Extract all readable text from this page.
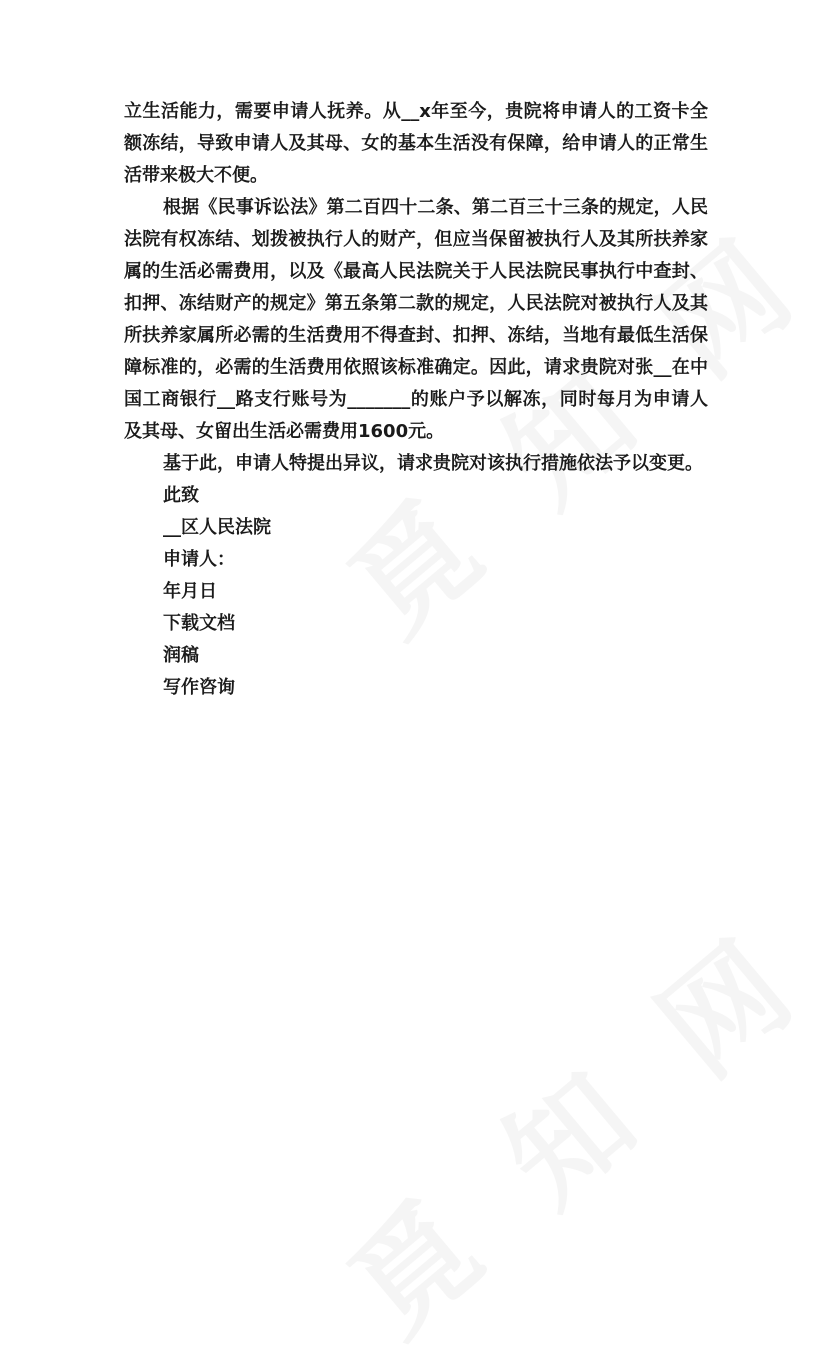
立生活能力，需要申请人抚养。从__x年至今，贵院将申请人的工资卡全额冻结，导致申请人及其母、女的基本生活没有保障，给申请人的正常生活带来极大不便。

根据《民事诉讼法》第二百四十二条、第二百三十三条的规定，人民法院有权冻结、划拨被执行人的财产，但应当保留被执行人及其所扶养家属的生活必需费用，以及《最高人民法院关于人民法院民事执行中查封、扣押、冻结财产的规定》第五条第二款的规定，人民法院对被执行人及其所扶养家属所必需的生活费用不得查封、扣押、冻结，当地有最低生活保障标准的，必需的生活费用依照该标准确定。因此，请求贵院对张__在中国工商银行__路支行账号为_______的账户予以解冻，同时每月为申请人及其母、女留出生活必需费用1600元。

基于此，申请人特提出异议，请求贵院对该执行措施依法予以变更。

此致

__区人民法院

申请人：

年月日

下载文档

润稿

写作咨询
